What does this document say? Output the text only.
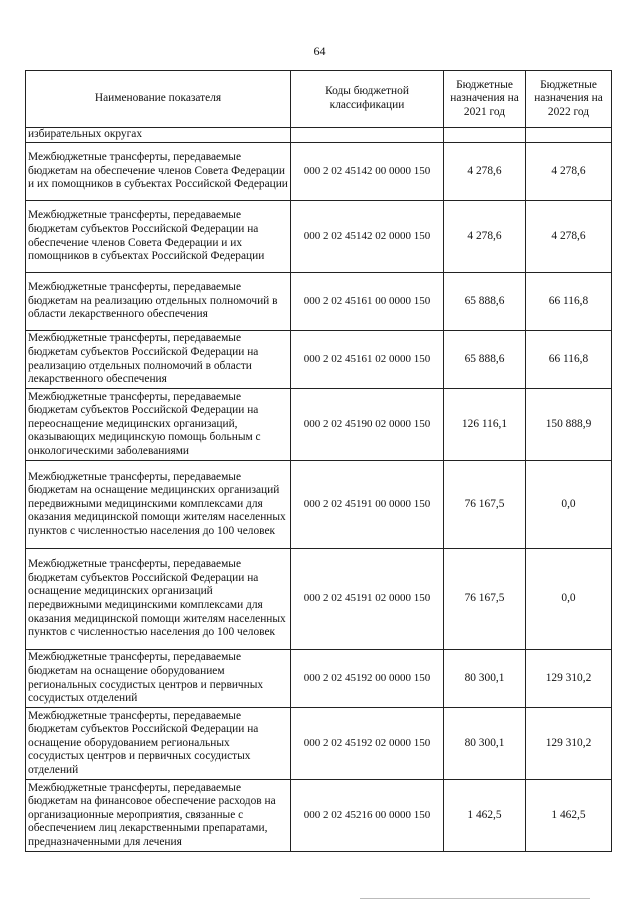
64
Наименование показателя	Коды бюджетной классификации	Бюджетные назначения на 2021 год	Бюджетные назначения на 2022 год
избирательных округах			
Межбюджетные трансферты, передаваемые бюджетам на обеспечение членов Совета Федерации и их помощников в субъектах Российской Федерации	000 2 02 45142 00 0000 150	4 278,6	4 278,6
Межбюджетные трансферты, передаваемые бюджетам субъектов Российской Федерации на обеспечение членов Совета Федерации и их помощников в субъектах Российской Федерации	000 2 02 45142 02 0000 150	4 278,6	4 278,6
Межбюджетные трансферты, передаваемые бюджетам на реализацию отдельных полномочий в области лекарственного обеспечения	000 2 02 45161 00 0000 150	65 888,6	66 116,8
Межбюджетные трансферты, передаваемые бюджетам субъектов Российской Федерации на реализацию отдельных полномочий в области лекарственного обеспечения	000 2 02 45161 02 0000 150	65 888,6	66 116,8
Межбюджетные трансферты, передаваемые бюджетам субъектов Российской Федерации на переоснащение медицинских организаций, оказывающих медицинскую помощь больным с онкологическими заболеваниями	000 2 02 45190 02 0000 150	126 116,1	150 888,9
Межбюджетные трансферты, передаваемые бюджетам на оснащение медицинских организаций передвижными медицинскими комплексами для оказания медицинской помощи жителям населенных пунктов с численностью населения до 100 человек	000 2 02 45191 00 0000 150	76 167,5	0,0
Межбюджетные трансферты, передаваемые бюджетам субъектов Российской Федерации на оснащение медицинских организаций передвижными медицинскими комплексами для оказания медицинской помощи жителям населенных пунктов с численностью населения до 100 человек	000 2 02 45191 02 0000 150	76 167,5	0,0
Межбюджетные трансферты, передаваемые бюджетам на оснащение оборудованием региональных сосудистых центров и первичных сосудистых отделений	000 2 02 45192 00 0000 150	80 300,1	129 310,2
Межбюджетные трансферты, передаваемые бюджетам субъектов Российской Федерации на оснащение оборудованием региональных сосудистых центров и первичных сосудистых отделений	000 2 02 45192 02 0000 150	80 300,1	129 310,2
Межбюджетные трансферты, передаваемые бюджетам на финансовое обеспечение расходов на организационные мероприятия, связанные с обеспечением лиц лекарственными препаратами, предназначенными для лечения	000 2 02 45216 00 0000 150	1 462,5	1 462,5
